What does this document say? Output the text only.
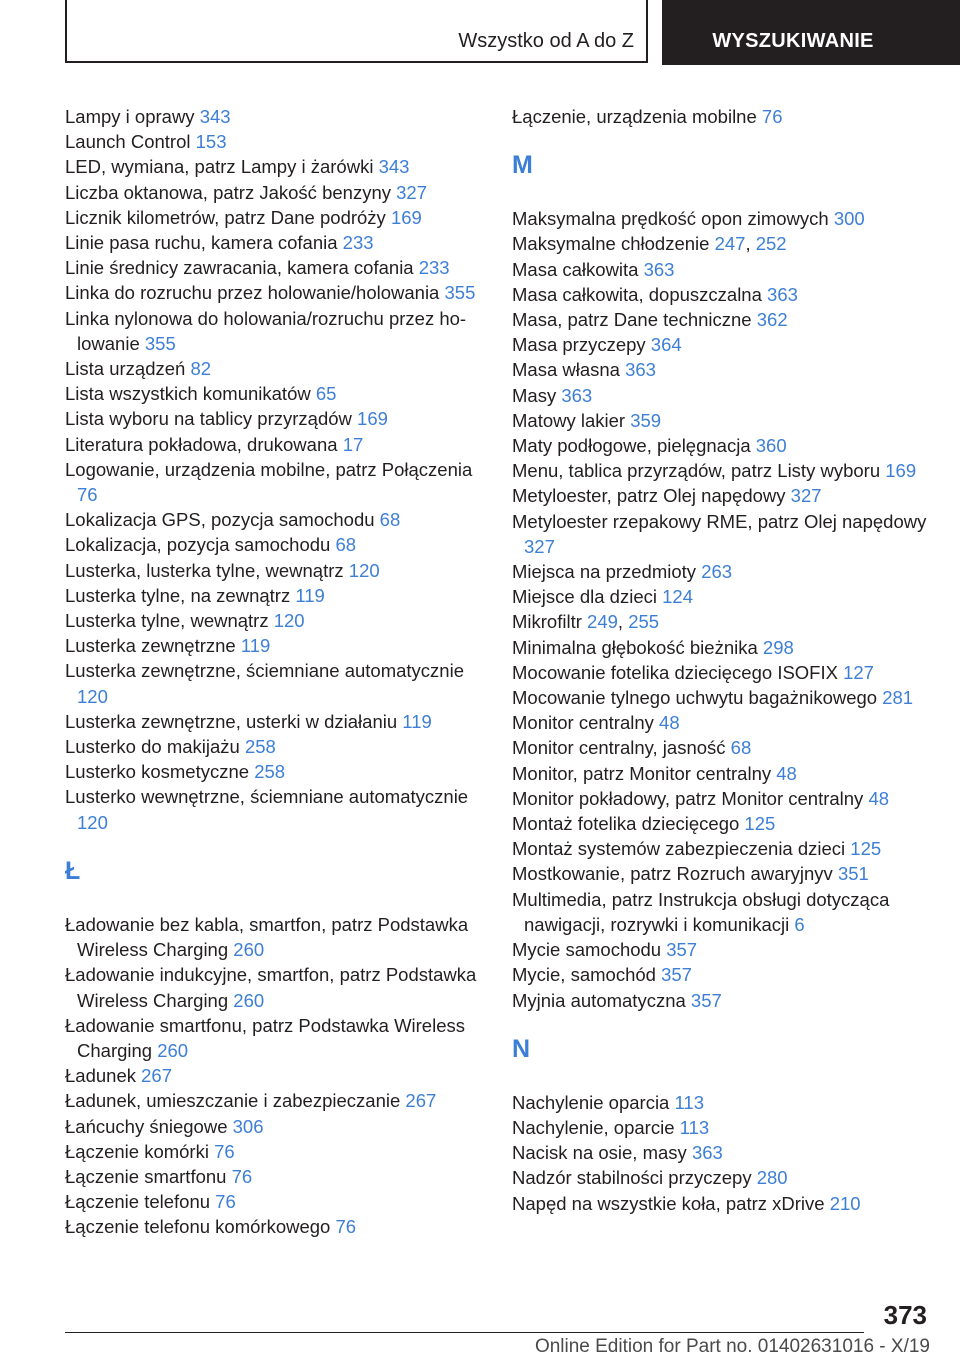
Wszystko od A do Z	WYSZUKIWANIE
Lampy i oprawy 343
Launch Control 153
LED, wymiana, patrz Lampy i żarówki 343
Liczba oktanowa, patrz Jakość benzyny 327
Licznik kilometrów, patrz Dane podróży 169
Linie pasa ruchu, kamera cofania 233
Linie średnicy zawracania, kamera cofania 233
Linka do rozruchu przez holowanie/holowania 355
Linka nylonowa do holowania/rozruchu przez holowanie 355
Lista urządzeń 82
Lista wszystkich komunikatów 65
Lista wyboru na tablicy przyrządów 169
Literatura pokładowa, drukowana 17
Logowanie, urządzenia mobilne, patrz Połączenia 76
Lokalizacja GPS, pozycja samochodu 68
Lokalizacja, pozycja samochodu 68
Lusterka, lusterka tylne, wewnątrz 120
Lusterka tylne, na zewnątrz 119
Lusterka tylne, wewnątrz 120
Lusterka zewnętrzne 119
Lusterka zewnętrzne, ściemniane automatycznie 120
Lusterka zewnętrzne, usterki w działaniu 119
Lusterko do makijażu 258
Lusterko kosmetyczne 258
Lusterko wewnętrzne, ściemniane automatycznie 120
Ł
Ładowanie bez kabla, smartfon, patrz Podstawka Wireless Charging 260
Ładowanie indukcyjne, smartfon, patrz Podstawka Wireless Charging 260
Ładowanie smartfonu, patrz Podstawka Wireless Charging 260
Ładunek 267
Ładunek, umieszczanie i zabezpieczanie 267
Łańcuchy śniegowe 306
Łączenie komórki 76
Łączenie smartfonu 76
Łączenie telefonu 76
Łączenie telefonu komórkowego 76
Łączenie, urządzenia mobilne 76
M
Maksymalna prędkość opon zimowych 300
Maksymalne chłodzenie 247, 252
Masa całkowita 363
Masa całkowita, dopuszczalna 363
Masa, patrz Dane techniczne 362
Masa przyczepy 364
Masa własna 363
Masy 363
Matowy lakier 359
Maty podłogowe, pielęgnacja 360
Menu, tablica przyrządów, patrz Listy wyboru 169
Metyloester, patrz Olej napędowy 327
Metyloester rzepakowy RME, patrz Olej napędowy 327
Miejsca na przedmioty 263
Miejsce dla dzieci 124
Mikrofiltr 249, 255
Minimalna głębokość bieżnika 298
Mocowanie fotelika dziecięcego ISOFIX 127
Mocowanie tylnego uchwytu bagażnikowego 281
Monitor centralny 48
Monitor centralny, jasność 68
Monitor, patrz Monitor centralny 48
Monitor pokładowy, patrz Monitor centralny 48
Montaż fotelika dziecięcego 125
Montaż systemów zabezpieczenia dzieci 125
Mostkowanie, patrz Rozruch awaryjnyv 351
Multimedia, patrz Instrukcja obsługi dotycząca nawigacji, rozrywki i komunikacji 6
Mycie samochodu 357
Mycie, samochód 357
Myjnia automatyczna 357
N
Nachylenie oparcia 113
Nachylenie, oparcie 113
Nacisk na osie, masy 363
Nadzór stabilności przyczepy 280
Napęd na wszystkie koła, patrz xDrive 210
373
Online Edition for Part no. 01402631016 - X/19
